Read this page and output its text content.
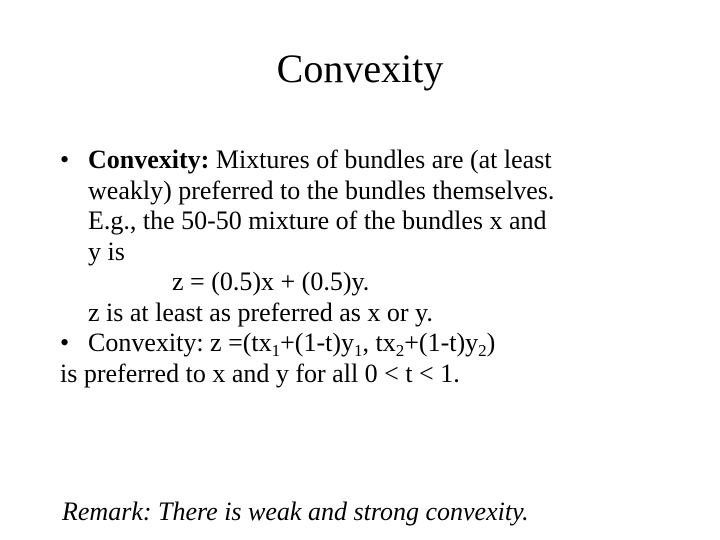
Convexity
• Convexity: Mixtures of bundles are (at least
weakly) preferred to the bundles themselves.
E.g., the 50-50 mixture of the bundles x and
y is
z = (0.5)x + (0.5)y.
z is at least as preferred as x or y.
• Convexity: $z =(tx_1+(1-t)y_1$, $tx_2+(1-t)y_2$)
is preferred to x and y for all 0 < t < 1.
Remark: There is weak and strong convexity.
